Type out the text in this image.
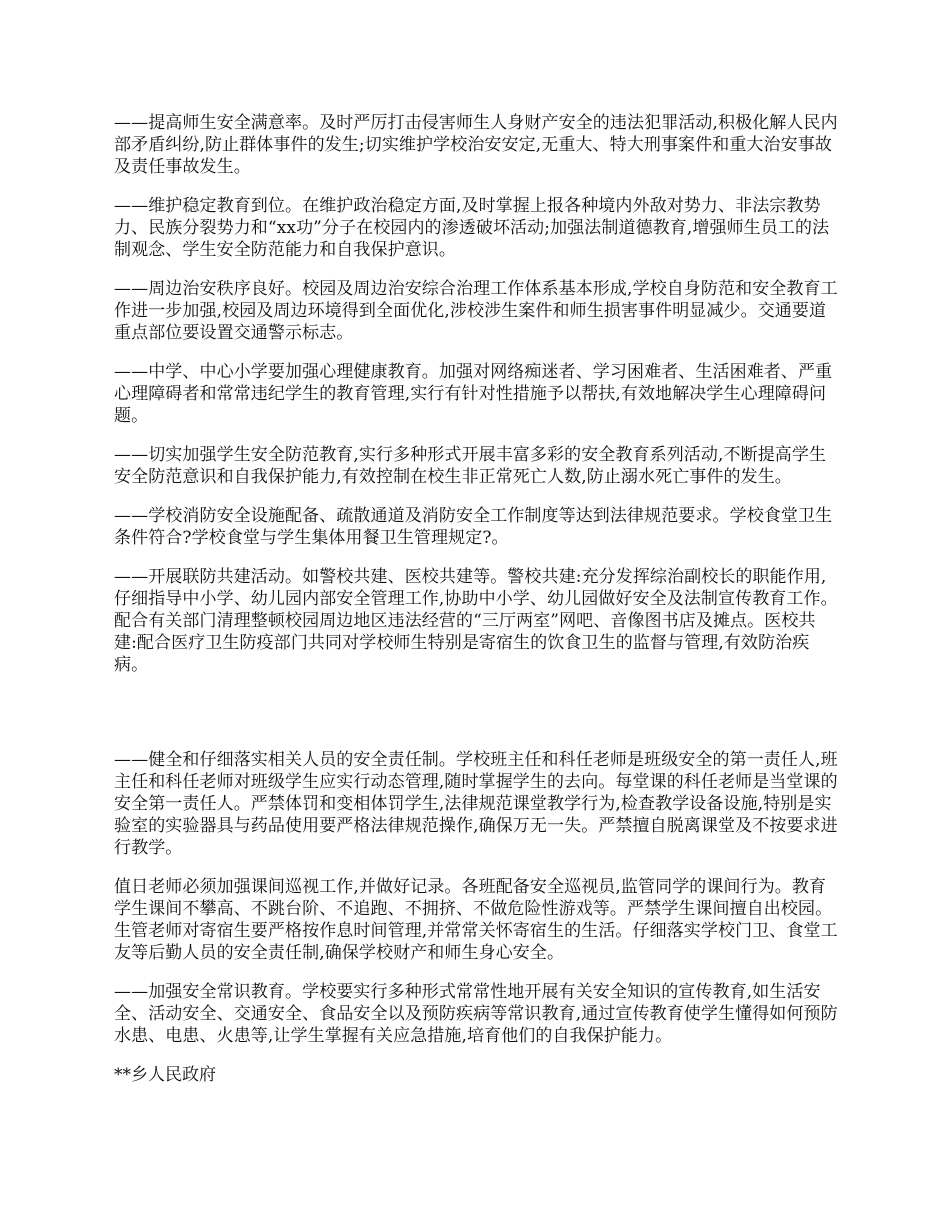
——提高师生安全满意率。及时严厉打击侵害师生人身财产安全的违法犯罪活动,积极化解人民内部矛盾纠纷,防止群体事件的发生;切实维护学校治安安定,无重大、特大刑事案件和重大治安事故及责任事故发生。

——维护稳定教育到位。在维护政治稳定方面,及时掌握上报各种境内外敌对势力、非法宗教势力、民族分裂势力和“xx功”分子在校园内的渗透破坏活动;加强法制道德教育,增强师生员工的法制观念、学生安全防范能力和自我保护意识。

——周边治安秩序良好。校园及周边治安综合治理工作体系基本形成,学校自身防范和安全教育工作进一步加强,校园及周边环境得到全面优化,涉校涉生案件和师生损害事件明显减少。交通要道重点部位要设置交通警示标志。

——中学、中心小学要加强心理健康教育。加强对网络痴迷者、学习困难者、生活困难者、严重心理障碍者和常常违纪学生的教育管理,实行有针对性措施予以帮扶,有效地解决学生心理障碍问题。

——切实加强学生安全防范教育,实行多种形式开展丰富多彩的安全教育系列活动,不断提高学生安全防范意识和自我保护能力,有效控制在校生非正常死亡人数,防止溺水死亡事件的发生。

——学校消防安全设施配备、疏散通道及消防安全工作制度等达到法律规范要求。学校食堂卫生条件符合?学校食堂与学生集体用餐卫生管理规定?。

——开展联防共建活动。如警校共建、医校共建等。警校共建:充分发挥综治副校长的职能作用,仔细指导中小学、幼儿园内部安全管理工作,协助中小学、幼儿园做好安全及法制宣传教育工作。配合有关部门清理整顿校园周边地区违法经营的“三厅两室”网吧、音像图书店及摊点。医校共建:配合医疗卫生防疫部门共同对学校师生特别是寄宿生的饮食卫生的监督与管理,有效防治疾病。

——健全和仔细落实相关人员的安全责任制。学校班主任和科任老师是班级安全的第一责任人,班主任和科任老师对班级学生应实行动态管理,随时掌握学生的去向。每堂课的科任老师是当堂课的安全第一责任人。严禁体罚和变相体罚学生,法律规范课堂教学行为,检查教学设备设施,特别是实验室的实验器具与药品使用要严格法律规范操作,确保万无一失。严禁擅自脱离课堂及不按要求进行教学。

值日老师必须加强课间巡视工作,并做好记录。各班配备安全巡视员,监管同学的课间行为。教育学生课间不攀高、不跳台阶、不追跑、不拥挤、不做危险性游戏等。严禁学生课间擅自出校园。生管老师对寄宿生要严格按作息时间管理,并常常关怀寄宿生的生活。仔细落实学校门卫、食堂工友等后勤人员的安全责任制,确保学校财产和师生身心安全。

——加强安全常识教育。学校要实行多种形式常常性地开展有关安全知识的宣传教育,如生活安全、活动安全、交通安全、食品安全以及预防疾病等常识教育,通过宣传教育使学生懂得如何预防水患、电患、火患等,让学生掌握有关应急措施,培育他们的自我保护能力。

**乡人民政府
